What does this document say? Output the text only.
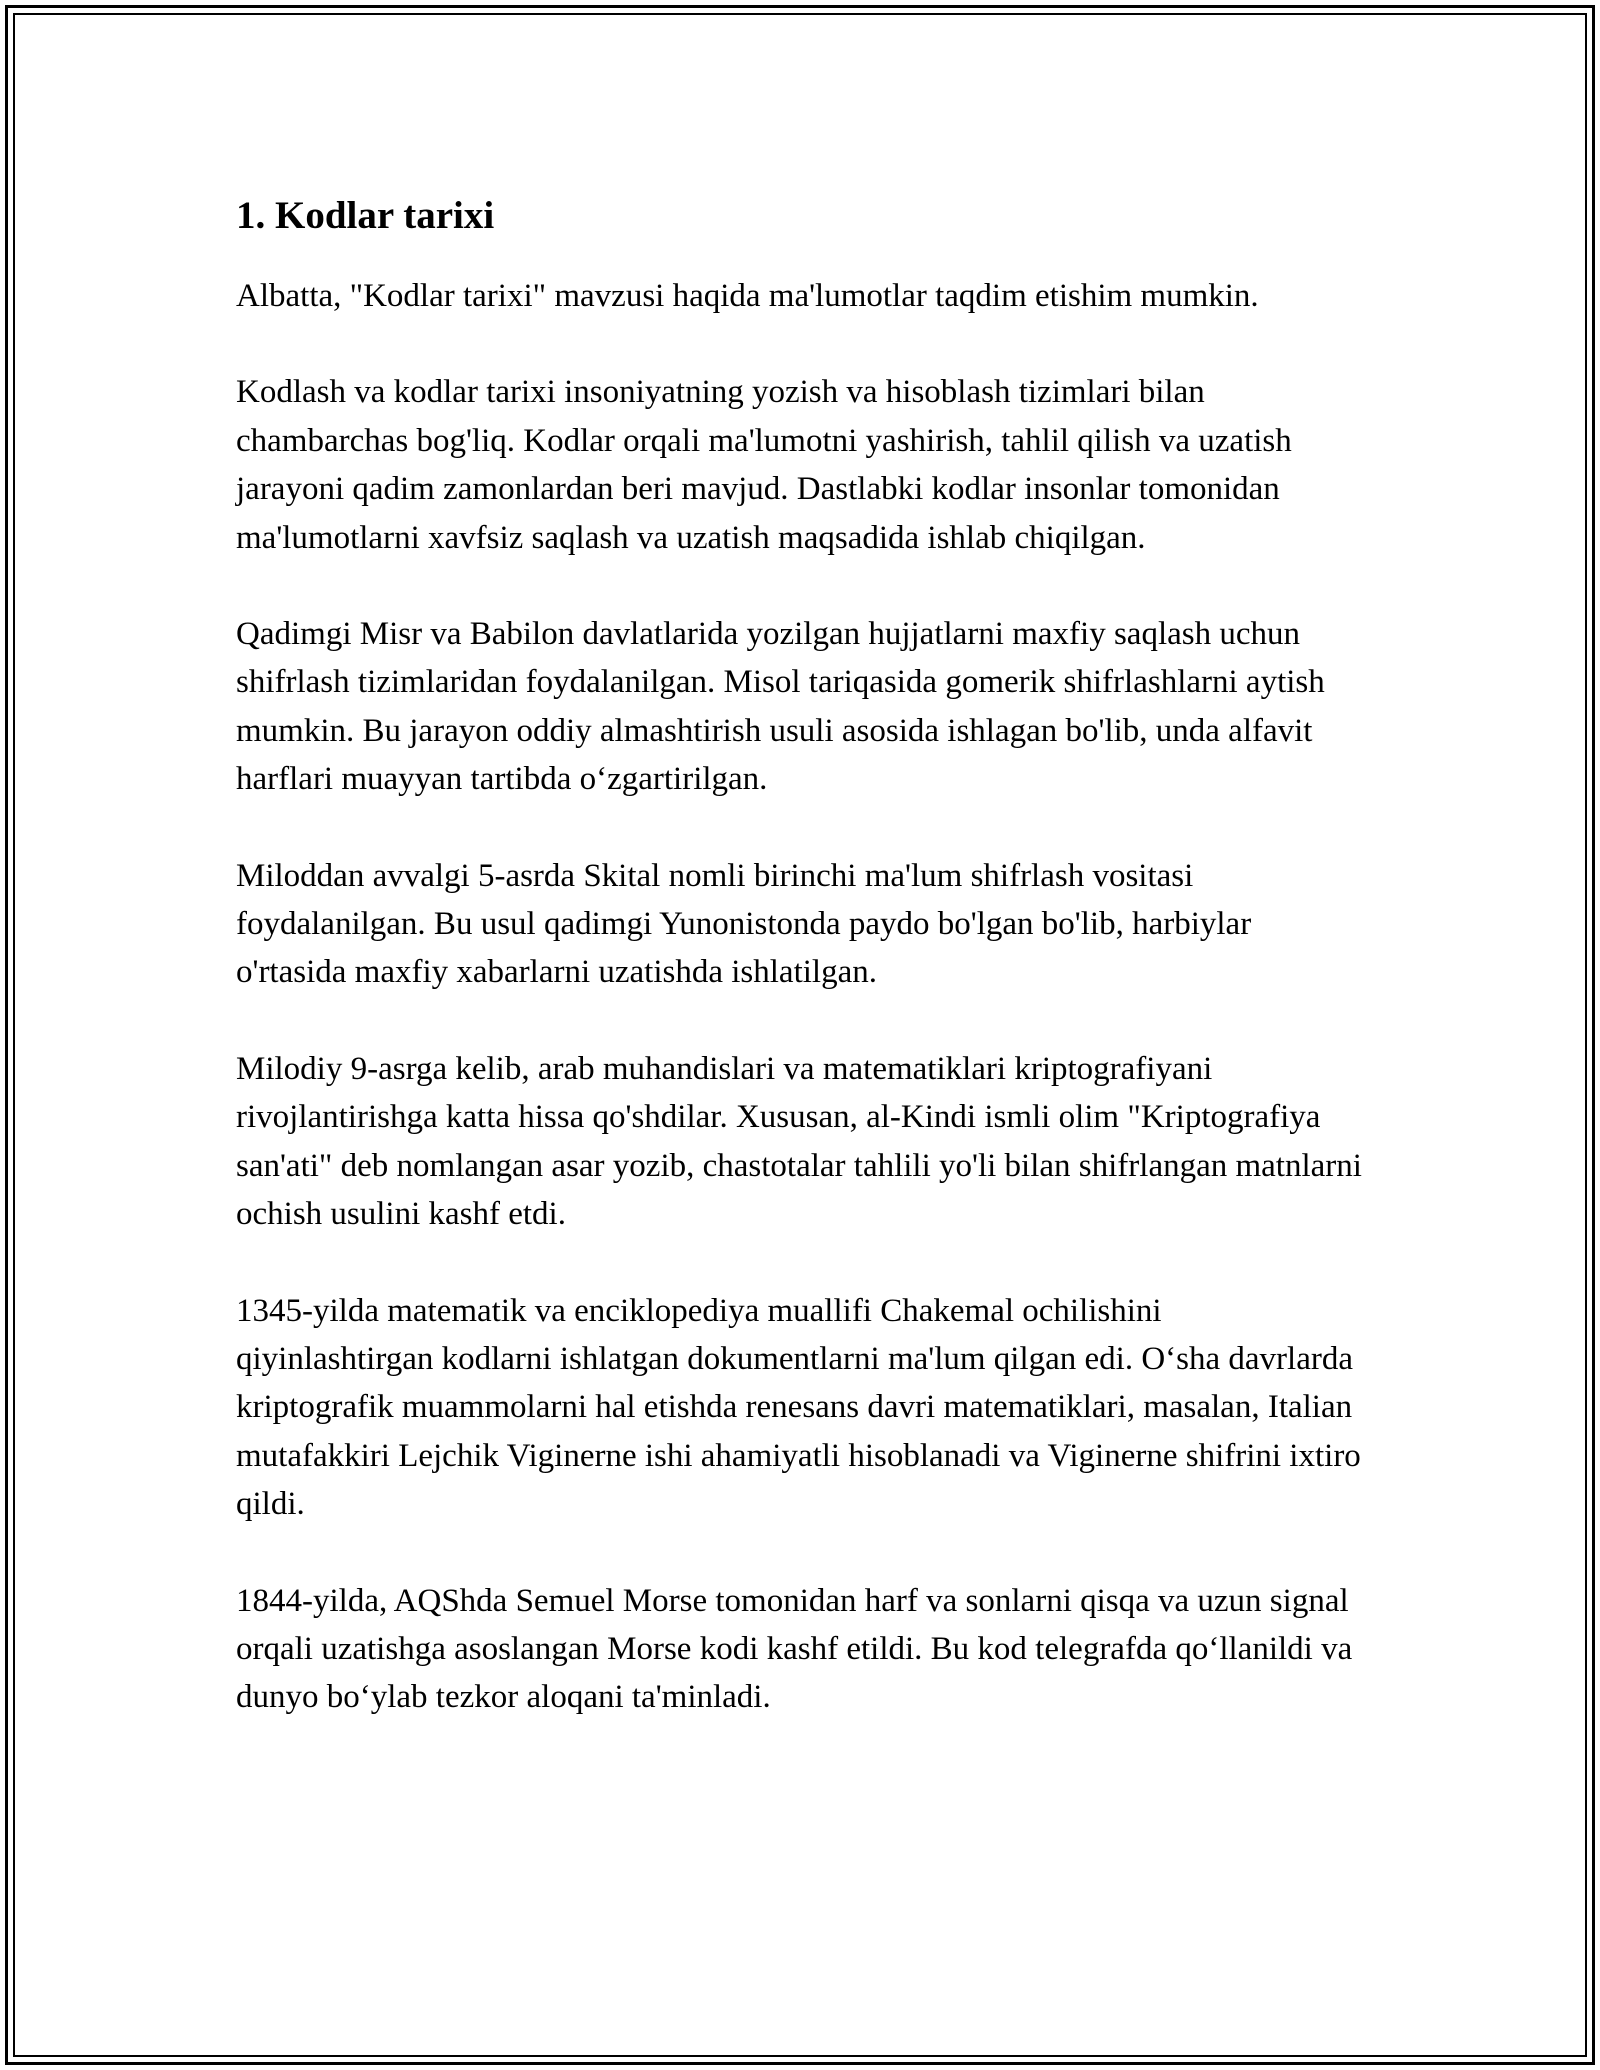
1. Kodlar tarixi

Albatta, "Kodlar tarixi" mavzusi haqida ma'lumotlar taqdim etishim mumkin.

Kodlash va kodlar tarixi insoniyatning yozish va hisoblash tizimlari bilan chambarchas bog'liq. Kodlar orqali ma'lumotni yashirish, tahlil qilish va uzatish jarayoni qadim zamonlardan beri mavjud. Dastlabki kodlar insonlar tomonidan ma'lumotlarni xavfsiz saqlash va uzatish maqsadida ishlab chiqilgan.

Qadimgi Misr va Babilon davlatlarida yozilgan hujjatlarni maxfiy saqlash uchun shifrlash tizimlaridan foydalanilgan. Misol tariqasida gomerik shifrlashlarni aytish mumkin. Bu jarayon oddiy almashtirish usuli asosida ishlagan bo'lib, unda alfavit harflari muayyan tartibda o‘zgartirilgan.

Miloddan avvalgi 5-asrda Skital nomli birinchi ma'lum shifrlash vositasi foydalanilgan. Bu usul qadimgi Yunonistonda paydo bo'lgan bo'lib, harbiylar o'rtasida maxfiy xabarlarni uzatishda ishlatilgan.

Milodiy 9-asrga kelib, arab muhandislari va matematiklari kriptografiyani rivojlantirishga katta hissa qo'shdilar. Xususan, al-Kindi ismli olim "Kriptografiya san'ati" deb nomlangan asar yozib, chastotalar tahlili yo'li bilan shifrlangan matnlarni ochish usulini kashf etdi.

1345-yilda matematik va enciklopediya muallifi Chakemal ochilishini qiyinlashtirgan kodlarni ishlatgan dokumentlarni ma'lum qilgan edi. O‘sha davrlarda kriptografik muammolarni hal etishda renesans davri matematiklari, masalan, Italian mutafakkiri Lejchik Viginerne ishi ahamiyatli hisoblanadi va Viginerne shifrini ixtiro qildi.

1844-yilda, AQShda Semuel Morse tomonidan harf va sonlarni qisqa va uzun signal orqali uzatishga asoslangan Morse kodi kashf etildi. Bu kod telegrafda qo‘llanildi va dunyo bo‘ylab tezkor aloqani ta'minladi.
